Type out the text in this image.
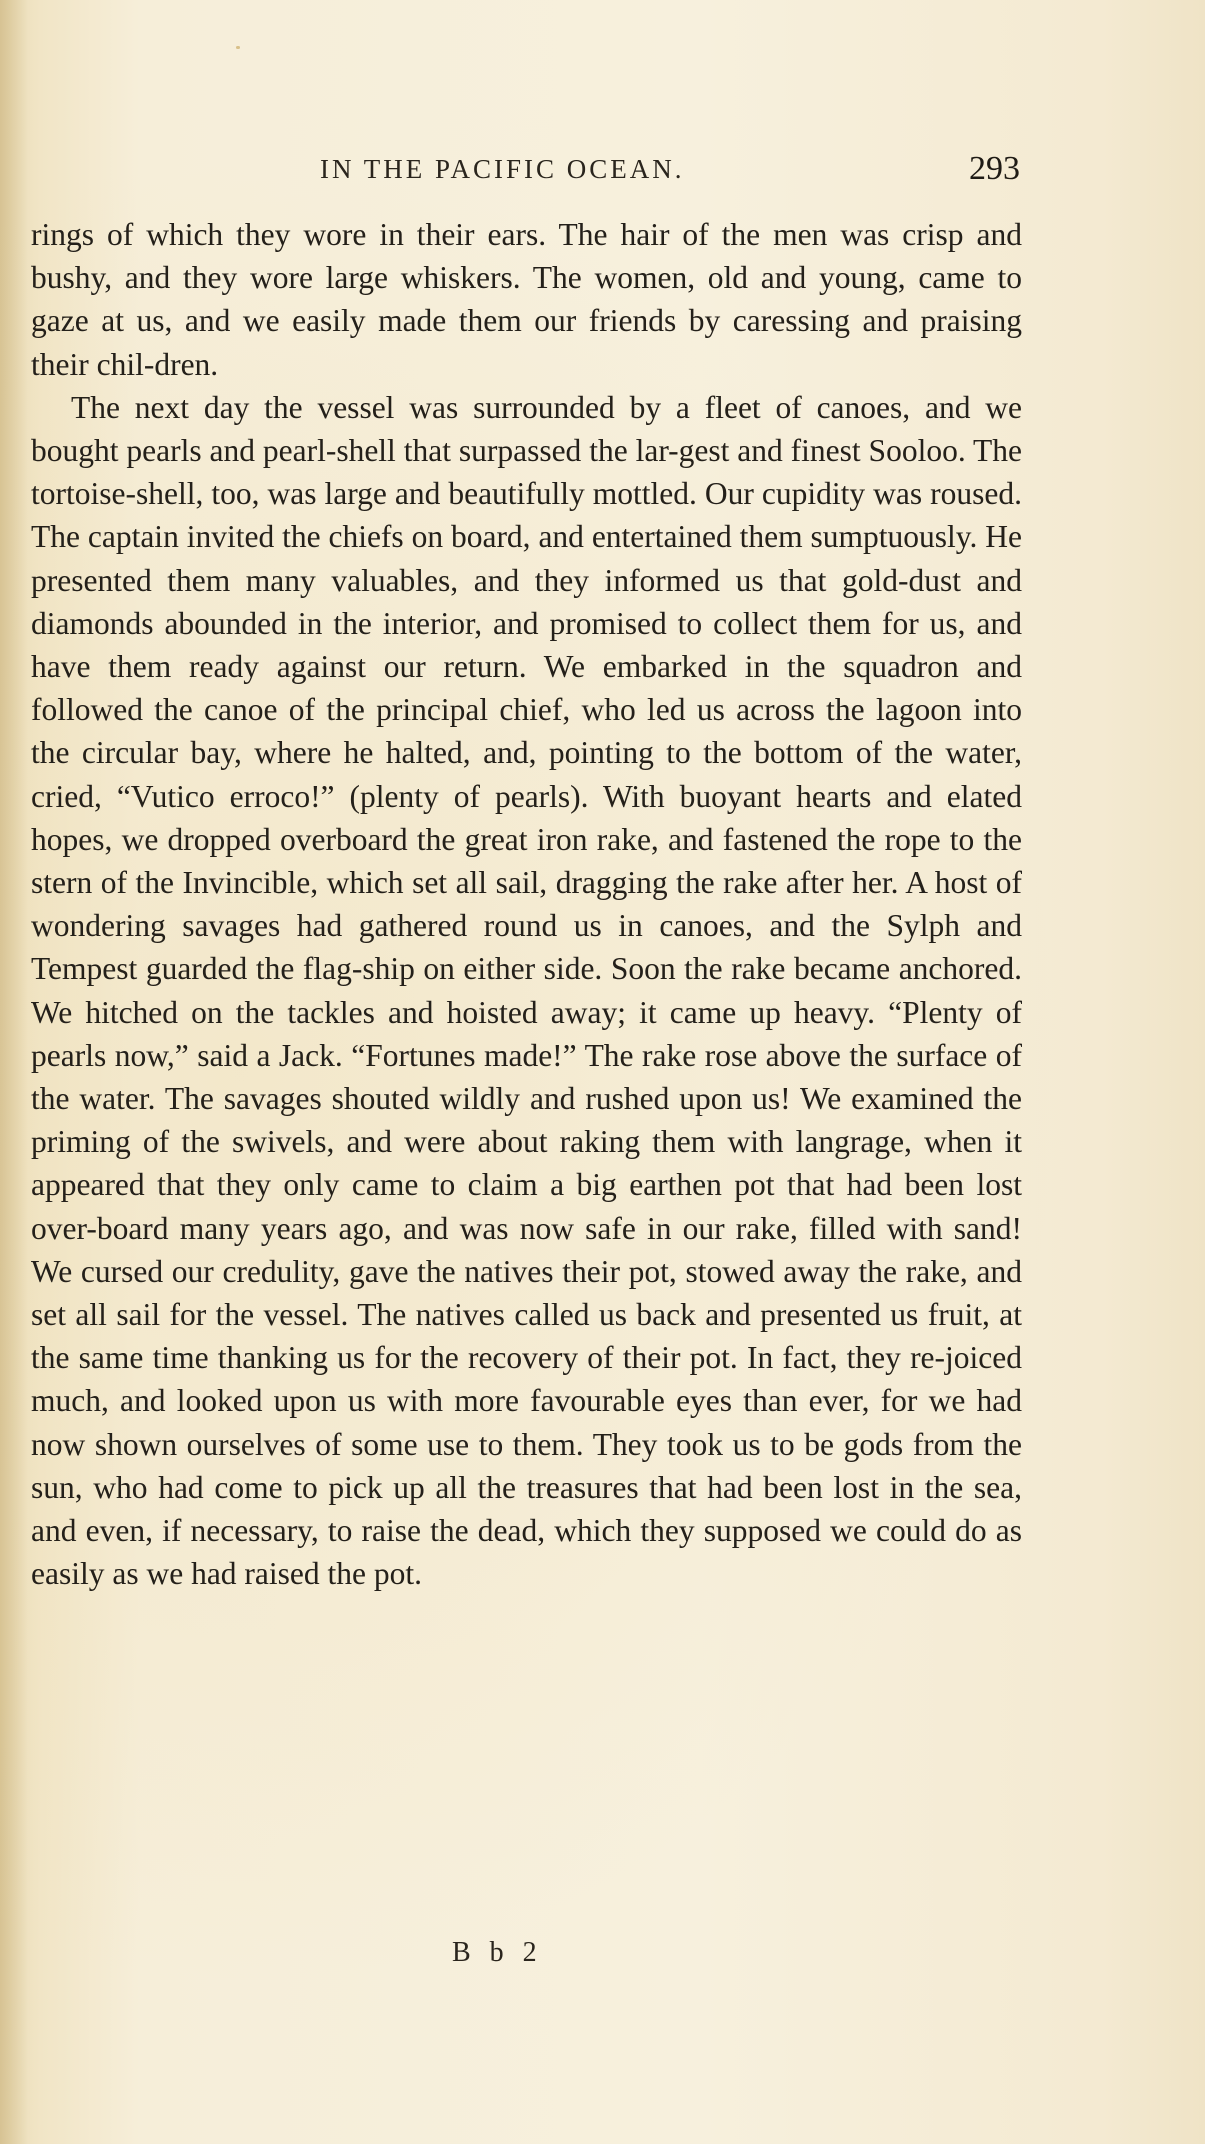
IN THE PACIFIC OCEAN.	293

rings of which they wore in their ears. The hair of the men was crisp and bushy, and they wore large whiskers. The women, old and young, came to gaze at us, and we easily made them our friends by caressing and praising their chil-dren.

The next day the vessel was surrounded by a fleet of canoes, and we bought pearls and pearl-shell that surpassed the lar-gest and finest Sooloo. The tortoise-shell, too, was large and beautifully mottled. Our cupidity was roused. The captain invited the chiefs on board, and entertained them sumptuously. He presented them many valuables, and they informed us that gold-dust and diamonds abounded in the interior, and promised to collect them for us, and have them ready against our return. We embarked in the squadron and followed the canoe of the principal chief, who led us across the lagoon into the circular bay, where he halted, and, pointing to the bottom of the water, cried, “Vutico erroco!” (plenty of pearls). With buoyant hearts and elated hopes, we dropped overboard the great iron rake, and fastened the rope to the stern of the Invincible, which set all sail, dragging the rake after her. A host of wondering savages had gathered round us in canoes, and the Sylph and Tempest guarded the flag-ship on either side. Soon the rake became anchored. We hitched on the tackles and hoisted away; it came up heavy. “Plenty of pearls now,” said a Jack. “Fortunes made!” The rake rose above the surface of the water. The savages shouted wildly and rushed upon us! We examined the priming of the swivels, and were about raking them with langrage, when it appeared that they only came to claim a big earthen pot that had been lost over-board many years ago, and was now safe in our rake, filled with sand! We cursed our credulity, gave the natives their pot, stowed away the rake, and set all sail for the vessel. The natives called us back and presented us fruit, at the same time thanking us for the recovery of their pot. In fact, they re-joiced much, and looked upon us with more favourable eyes than ever, for we had now shown ourselves of some use to them. They took us to be gods from the sun, who had come to pick up all the treasures that had been lost in the sea, and even, if necessary, to raise the dead, which they supposed we could do as easily as we had raised the pot.

B b 2
